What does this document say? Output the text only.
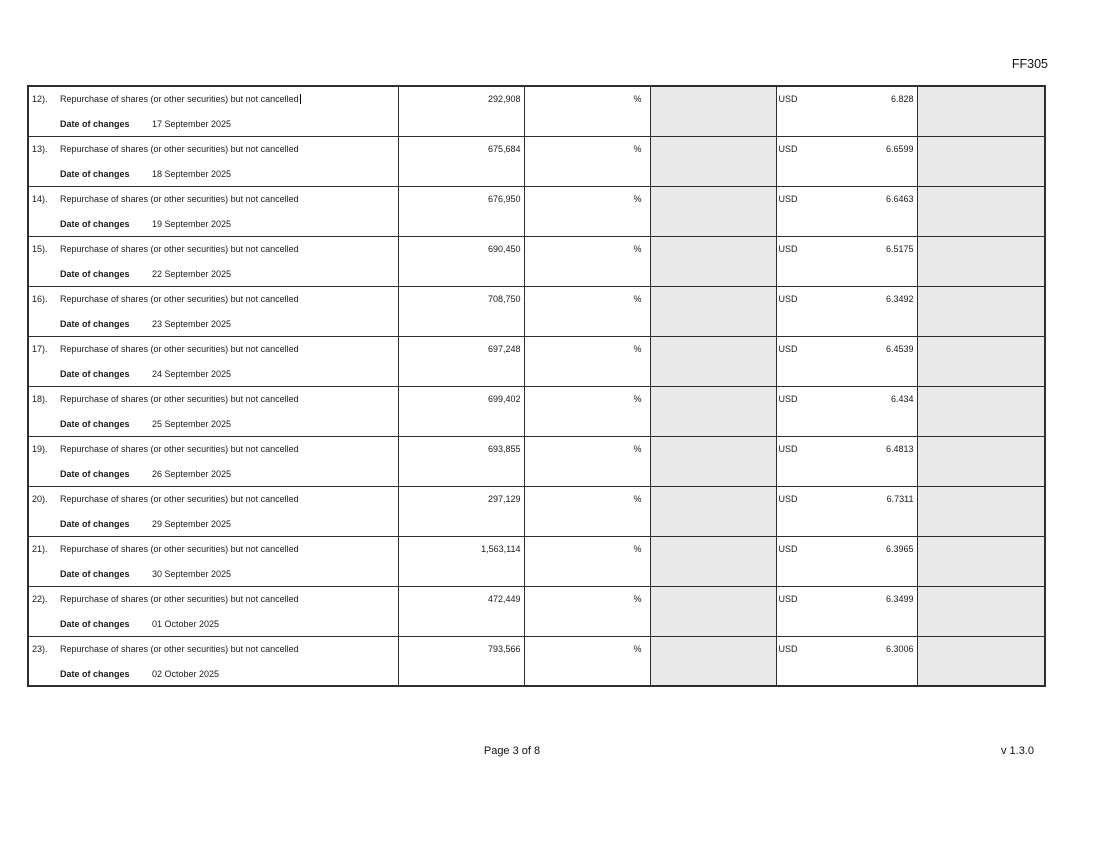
FF305
12).	Repurchase of shares (or other securities) but not cancelled
Date of changes	17 September 2025
	292,908	%		USD	6.828

13).	Repurchase of shares (or other securities) but not cancelled
Date of changes	18 September 2025
	675,684	%		USD	6.6599

14).	Repurchase of shares (or other securities) but not cancelled
Date of changes	19 September 2025
	676,950	%		USD	6.6463

15).	Repurchase of shares (or other securities) but not cancelled
Date of changes	22 September 2025
	690,450	%		USD	6.5175

16).	Repurchase of shares (or other securities) but not cancelled
Date of changes	23 September 2025
	708,750	%		USD	6.3492

17).	Repurchase of shares (or other securities) but not cancelled
Date of changes	24 September 2025
	697,248	%		USD	6.4539

18).	Repurchase of shares (or other securities) but not cancelled
Date of changes	25 September 2025
	699,402	%		USD	6.434

19).	Repurchase of shares (or other securities) but not cancelled
Date of changes	26 September 2025
	693,855	%		USD	6.4813

20).	Repurchase of shares (or other securities) but not cancelled
Date of changes	29 September 2025
	297,129	%		USD	6.7311

21).	Repurchase of shares (or other securities) but not cancelled
Date of changes	30 September 2025
	1,563,114	%		USD	6.3965

22).	Repurchase of shares (or other securities) but not cancelled
Date of changes	01 October 2025
	472,449	%		USD	6.3499

23).	Repurchase of shares (or other securities) but not cancelled
Date of changes	02 October 2025
	793,566	%		USD	6.3006

Page 3 of 8	v 1.3.0
